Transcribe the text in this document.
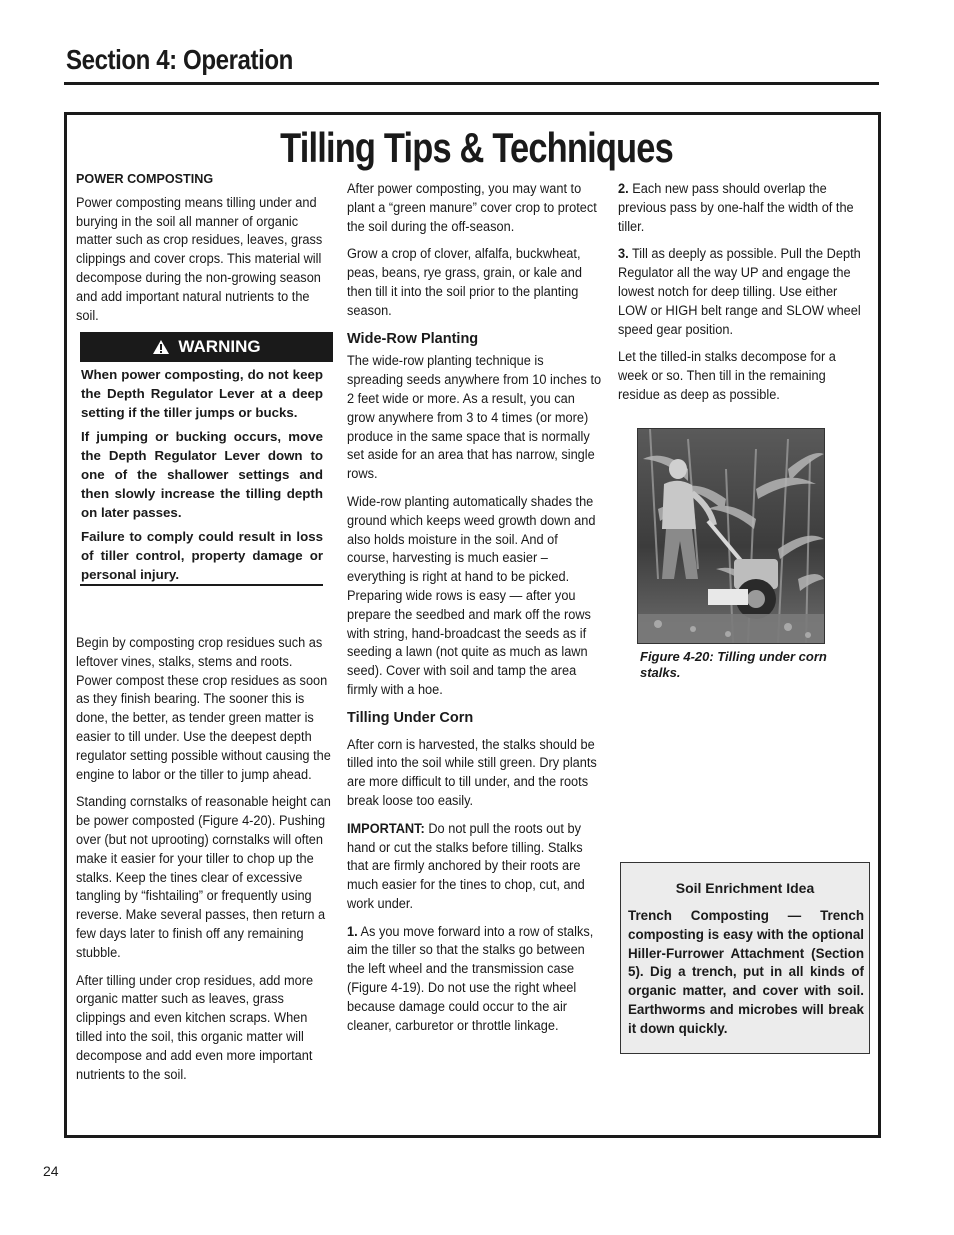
Section 4: Operation
Tilling Tips & Techniques
POWER COMPOSTING

Power composting means tilling under and burying in the soil all manner of organic matter such as crop residues, leaves, grass clippings and cover crops. This material will decompose during the non-growing season and add important natural nutrients to the soil.

WARNING

When power composting, do not keep the Depth Regulator Lever at a deep setting if the tiller jumps or bucks.

If jumping or bucking occurs, move the Depth Regulator Lever down to one of the shallower settings and then slowly increase the tilling depth on later passes.

Failure to comply could result in loss of tiller control, property damage or personal injury.

Begin by composting crop residues such as leftover vines, stalks, stems and roots. Power compost these crop residues as soon as they finish bearing. The sooner this is done, the better, as tender green matter is easier to till under. Use the deepest depth regulator setting possible without causing the engine to labor or the tiller to jump ahead.

Standing cornstalks of reasonable height can be power composted (Figure 4-20). Pushing over (but not uprooting) cornstalks will often make it easier for your tiller to chop up the stalks. Keep the tines clear of excessive tangling by “fishtailing” or frequently using reverse. Make several passes, then return a few days later to finish off any remaining stubble.

After tilling under crop residues, add more organic matter such as leaves, grass clippings and even kitchen scraps. When tilled into the soil, this organic matter will decompose and add even more important nutrients to the soil.

After power composting, you may want to plant a “green manure” cover crop to protect the soil during the off-season.

Grow a crop of clover, alfalfa, buckwheat, peas, beans, rye grass, grain, or kale and then till it into the soil prior to the planting season.

Wide-Row Planting

The wide-row planting technique is spreading seeds anywhere from 10 inches to 2 feet wide or more. As a result, you can grow anywhere from 3 to 4 times (or more) produce in the same space that is normally set aside for an area that has narrow, single rows.

Wide-row planting automatically shades the ground which keeps weed growth down and also holds moisture in the soil. And of course, harvesting is much easier – everything is right at hand to be picked. Preparing wide rows is easy — after you prepare the seedbed and mark off the rows with string, hand-broadcast the seeds as if seeding a lawn (not quite as much as lawn seed). Cover with soil and tamp the area firmly with a hoe.

Tilling Under Corn

After corn is harvested, the stalks should be tilled into the soil while still green. Dry plants are more difficult to till under, and the roots break loose too easily.

IMPORTANT: Do not pull the roots out by hand or cut the stalks before tilling. Stalks that are firmly anchored by their roots are much easier for the tines to chop, cut, and work under.

1. As you move forward into a row of stalks, aim the tiller so that the stalks go between the left wheel and the transmission case (Figure 4-19). Do not use the right wheel because damage could occur to the air cleaner, carburetor or throttle linkage.

2. Each new pass should overlap the previous pass by one-half the width of the tiller.

3. Till as deeply as possible. Pull the Depth Regulator all the way UP and engage the lowest notch for deep tilling. Use either LOW or HIGH belt range and SLOW wheel speed gear position.

Let the tilled-in stalks decompose for a week or so. Then till in the remaining residue as deep as possible.

Figure 4-20: Tilling under corn stalks.
Soil Enrichment Idea
Trench Composting — Trench composting is easy with the optional Hiller-Furrower Attachment (Section 5). Dig a trench, put in all kinds of organic matter, and cover with soil. Earthworms and microbes will break it down quickly.
24
